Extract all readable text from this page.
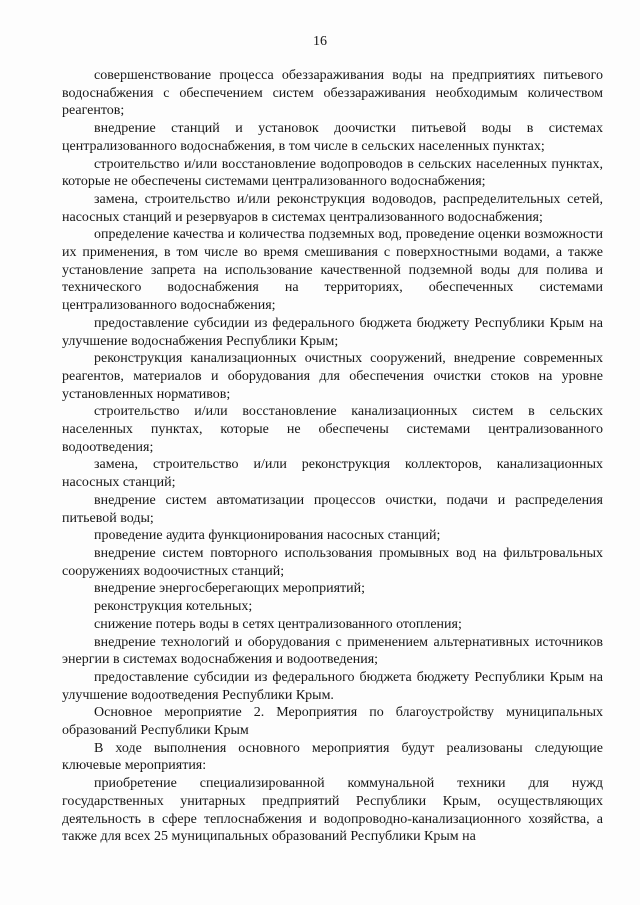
16

совершенствование процесса обеззараживания воды на предприятиях питьевого водоснабжения с обеспечением систем обеззараживания необходимым количеством реагентов;

внедрение станций и установок доочистки питьевой воды в системах централизованного водоснабжения, в том числе в сельских населенных пунктах;

строительство и/или восстановление водопроводов в сельских населенных пунктах, которые не обеспечены системами централизованного водоснабжения;

замена, строительство и/или реконструкция водоводов, распределительных сетей, насосных станций и резервуаров в системах централизованного водоснабжения;

определение качества и количества подземных вод, проведение оценки возможности их применения, в том числе во время смешивания с поверхностными водами, а также установление запрета на использование качественной подземной воды для полива и технического водоснабжения на территориях, обеспеченных системами централизованного водоснабжения;

предоставление субсидии из федерального бюджета бюджету Республики Крым на улучшение водоснабжения Республики Крым;

реконструкция канализационных очистных сооружений, внедрение современных реагентов, материалов и оборудования для обеспечения очистки стоков на уровне установленных нормативов;

строительство и/или восстановление канализационных систем в сельских населенных пунктах, которые не обеспечены системами централизованного водоотведения;

замена, строительство и/или реконструкция коллекторов, канализационных насосных станций;

внедрение систем автоматизации процессов очистки, подачи и распределения питьевой воды;

проведение аудита функционирования насосных станций;

внедрение систем повторного использования промывных вод на фильтровальных сооружениях водоочистных станций;

внедрение энергосберегающих мероприятий;

реконструкция котельных;

снижение потерь воды в сетях централизованного отопления;

внедрение технологий и оборудования с применением альтернативных источников энергии в системах водоснабжения и водоотведения;

предоставление субсидии из федерального бюджета бюджету Республики Крым на улучшение водоотведения Республики Крым.

Основное мероприятие 2. Мероприятия по благоустройству муниципальных образований Республики Крым

В ходе выполнения основного мероприятия будут реализованы следующие ключевые мероприятия:

приобретение специализированной коммунальной техники для нужд государственных унитарных предприятий Республики Крым, осуществляющих деятельность в сфере теплоснабжения и водопроводно-канализационного хозяйства, а также для всех 25 муниципальных образований Республики Крым на
